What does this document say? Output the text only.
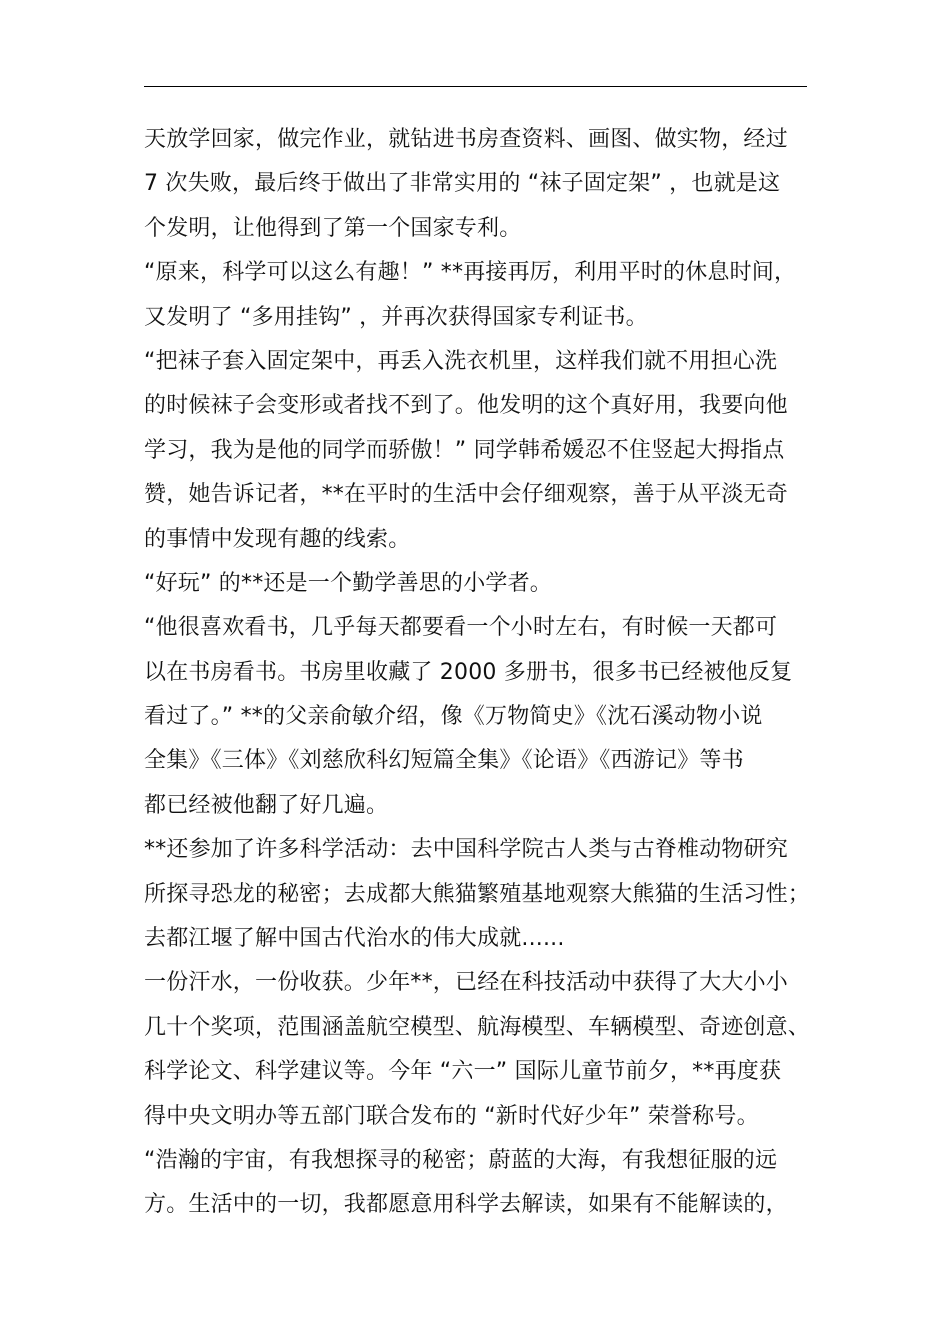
天放学回家，做完作业，就钻进书房查资料、画图、做实物，经过
7 次失败，最后终于做出了非常实用的 “袜子固定架” ，也就是这
个发明，让他得到了第一个国家专利。
“原来，科学可以这么有趣！” **再接再厉，利用平时的休息时间，
又发明了 “多用挂钩” ，并再次获得国家专利证书。
“把袜子套入固定架中，再丢入洗衣机里，这样我们就不用担心洗
的时候袜子会变形或者找不到了。他发明的这个真好用，我要向他
学习，我为是他的同学而骄傲！” 同学韩希媛忍不住竖起大拇指点
赞，她告诉记者，**在平时的生活中会仔细观察，善于从平淡无奇
的事情中发现有趣的线索。
“好玩” 的**还是一个勤学善思的小学者。
“他很喜欢看书，几乎每天都要看一个小时左右，有时候一天都可
以在书房看书。书房里收藏了 2000 多册书，很多书已经被他反复
看过了。” **的父亲俞敏介绍，像《万物简史》《沈石溪动物小说
全集》《三体》《刘慈欣科幻短篇全集》《论语》《西游记》等书
都已经被他翻了好几遍。
**还参加了许多科学活动：去中国科学院古人类与古脊椎动物研究
所探寻恐龙的秘密；去成都大熊猫繁殖基地观察大熊猫的生活习性；
去都江堰了解中国古代治水的伟大成就......
一份汗水，一份收获。少年**，已经在科技活动中获得了大大小小
几十个奖项，范围涵盖航空模型、航海模型、车辆模型、奇迹创意、
科学论文、科学建议等。今年 “六一” 国际儿童节前夕，**再度获
得中央文明办等五部门联合发布的 “新时代好少年” 荣誉称号。
“浩瀚的宇宙，有我想探寻的秘密；蔚蓝的大海，有我想征服的远
方。生活中的一切，我都愿意用科学去解读，如果有不能解读的，
